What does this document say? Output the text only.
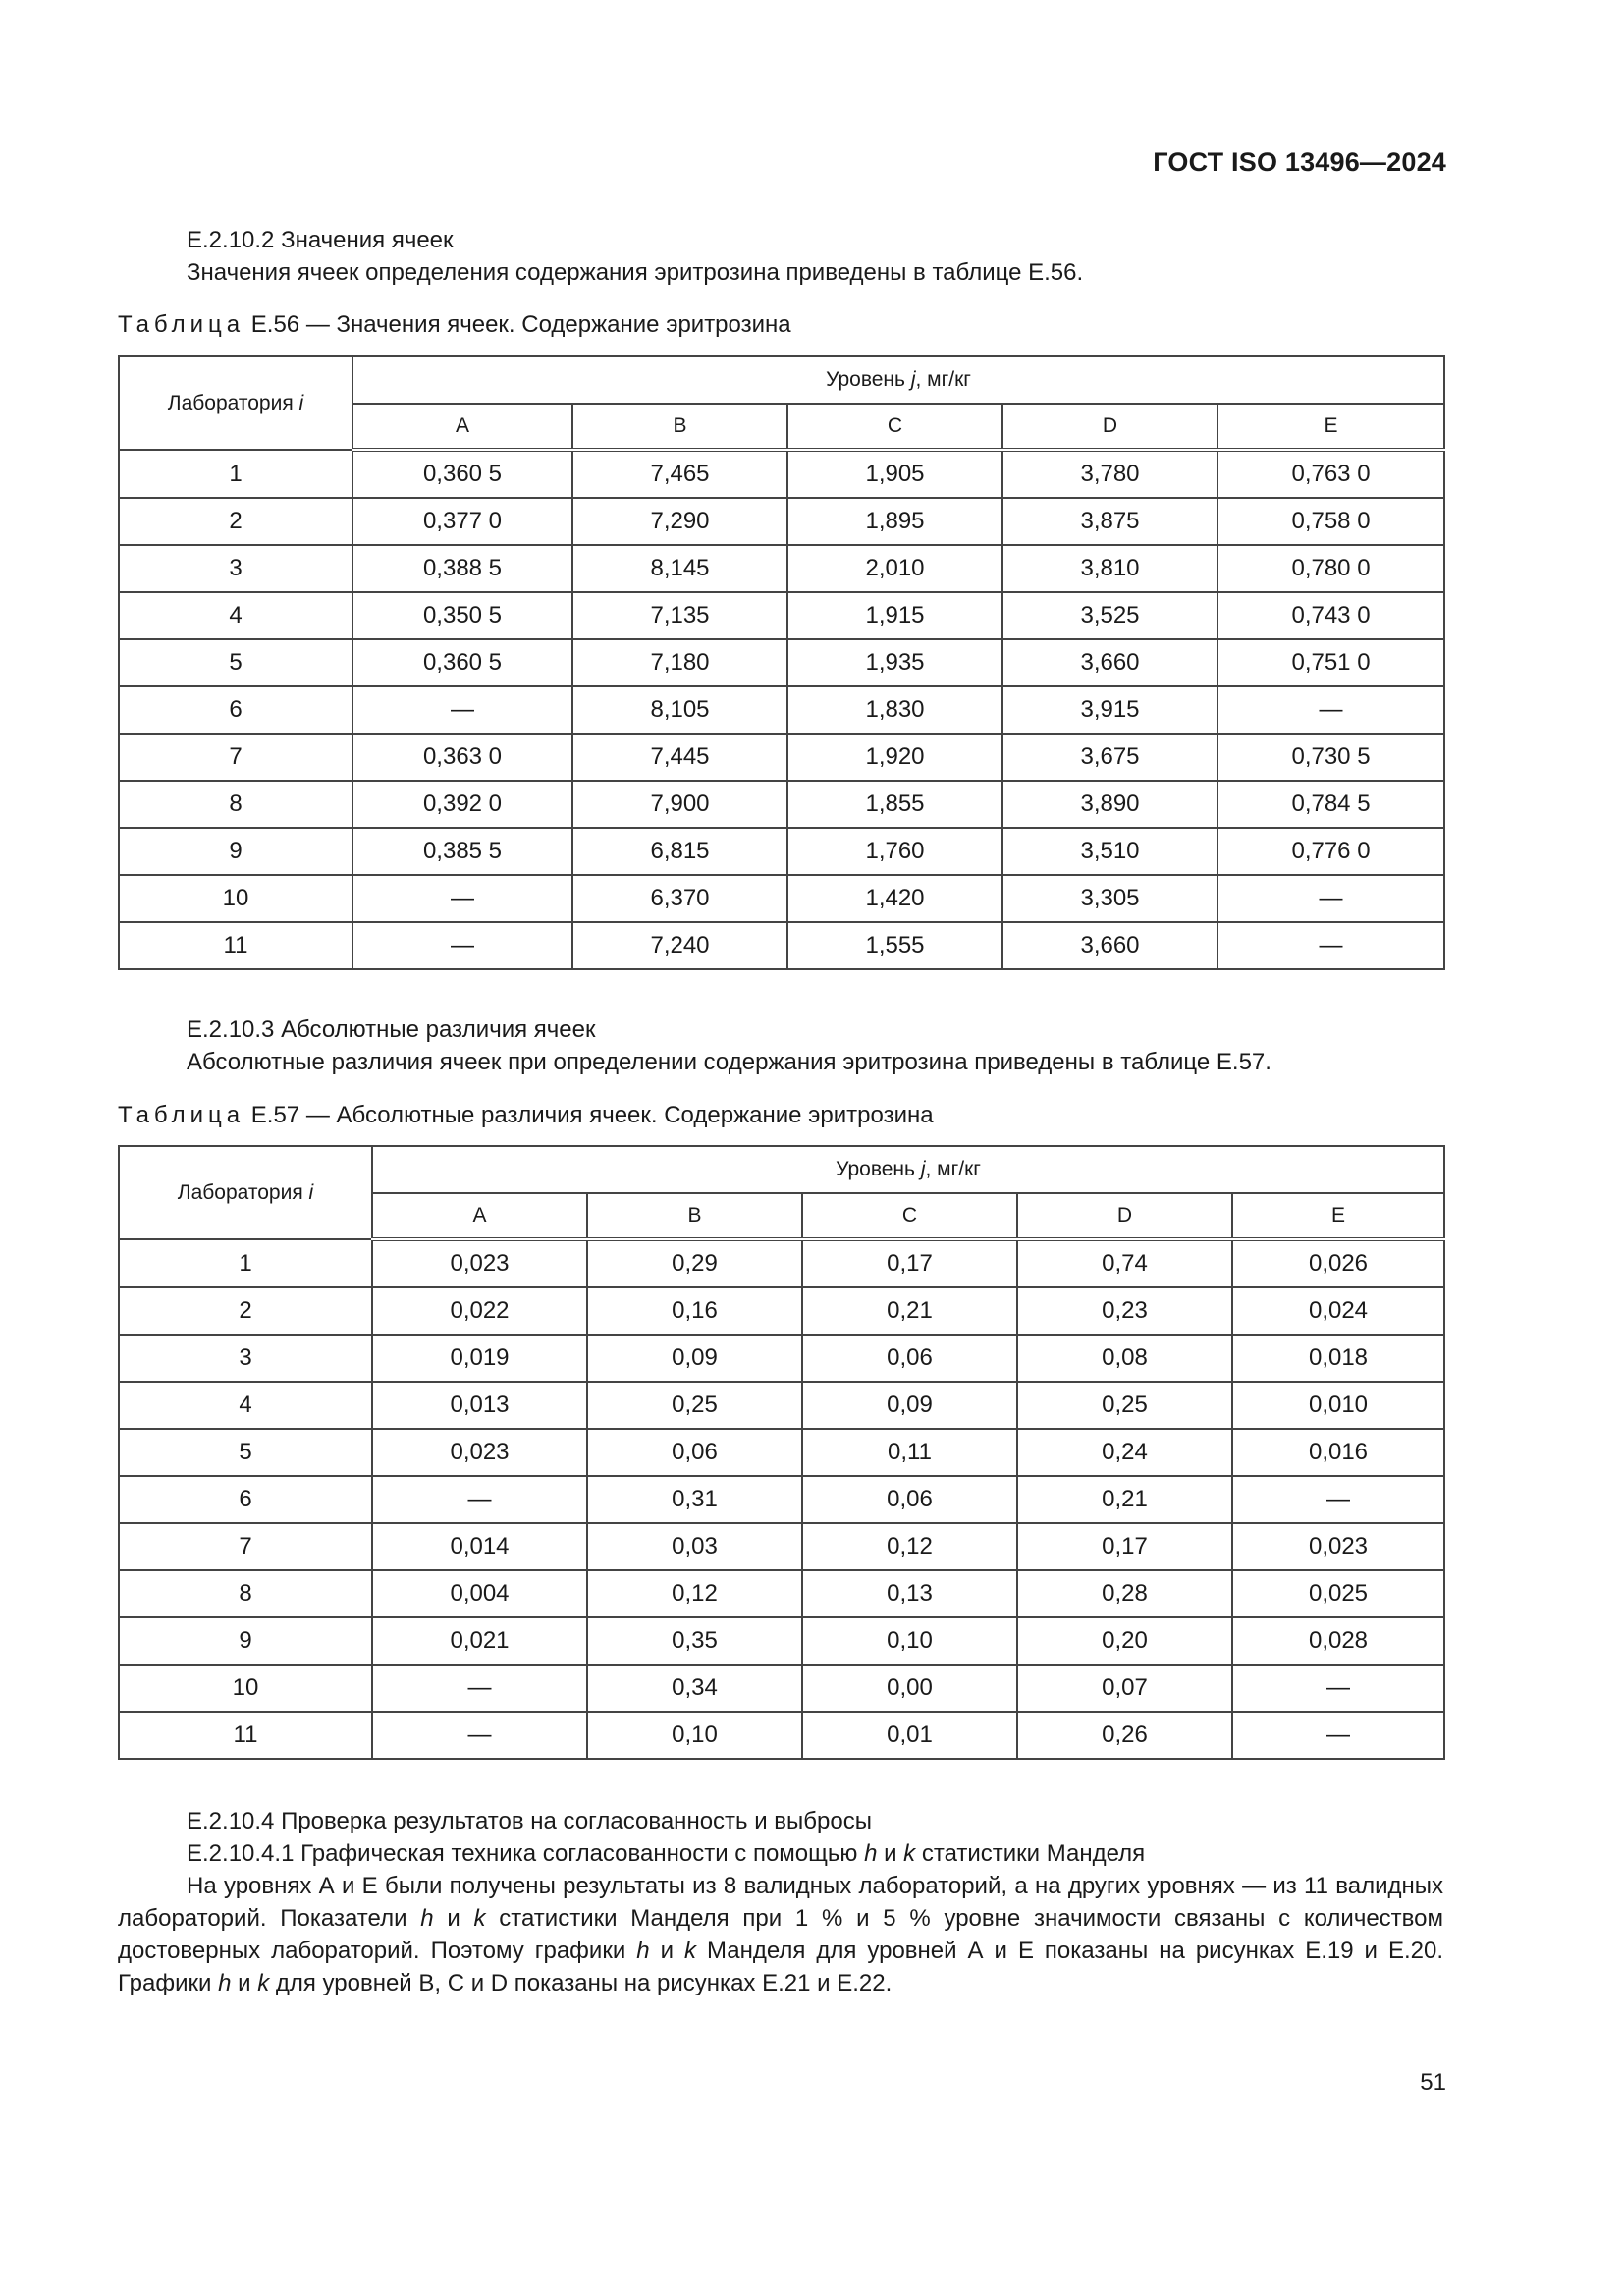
ГОСТ ISO 13496—2024

Е.2.10.2 Значения ячеек

Значения ячеек определения содержания эритрозина приведены в таблице Е.56.

Таблица Е.56 — Значения ячеек. Содержание эритрозина
Лаборатория i	Уровень j, мг/кг				
	A	B	C	D	E
1	0,360 5	7,465	1,905	3,780	0,763 0
2	0,377 0	7,290	1,895	3,875	0,758 0
3	0,388 5	8,145	2,010	3,810	0,780 0
4	0,350 5	7,135	1,915	3,525	0,743 0
5	0,360 5	7,180	1,935	3,660	0,751 0
6	—	8,105	1,830	3,915	—
7	0,363 0	7,445	1,920	3,675	0,730 5
8	0,392 0	7,900	1,855	3,890	0,784 5
9	0,385 5	6,815	1,760	3,510	0,776 0
10	—	6,370	1,420	3,305	—
11	—	7,240	1,555	3,660	—

Е.2.10.3 Абсолютные различия ячеек

Абсолютные различия ячеек при определении содержания эритрозина приведены в таблице Е.57.

Таблица Е.57 — Абсолютные различия ячеек. Содержание эритрозина
Лаборатория i	Уровень j, мг/кг				
	A	B	C	D	E
1	0,023	0,29	0,17	0,74	0,026
2	0,022	0,16	0,21	0,23	0,024
3	0,019	0,09	0,06	0,08	0,018
4	0,013	0,25	0,09	0,25	0,010
5	0,023	0,06	0,11	0,24	0,016
6	—	0,31	0,06	0,21	—
7	0,014	0,03	0,12	0,17	0,023
8	0,004	0,12	0,13	0,28	0,025
9	0,021	0,35	0,10	0,20	0,028
10	—	0,34	0,00	0,07	—
11	—	0,10	0,01	0,26	—

Е.2.10.4 Проверка результатов на согласованность и выбросы

Е.2.10.4.1 Графическая техника согласованности с помощью h и k статистики Манделя

На уровнях А и Е были получены результаты из 8 валидных лабораторий, а на других уровнях — из 11 валидных лабораторий. Показатели h и k статистики Манделя при 1 % и 5 % уровне значимости связаны с количеством достоверных лабораторий. Поэтому графики h и k Манделя для уровней А и Е показаны на рисунках Е.19 и Е.20. Графики h и k для уровней В, С и D показаны на рисунках Е.21 и Е.22.

51
